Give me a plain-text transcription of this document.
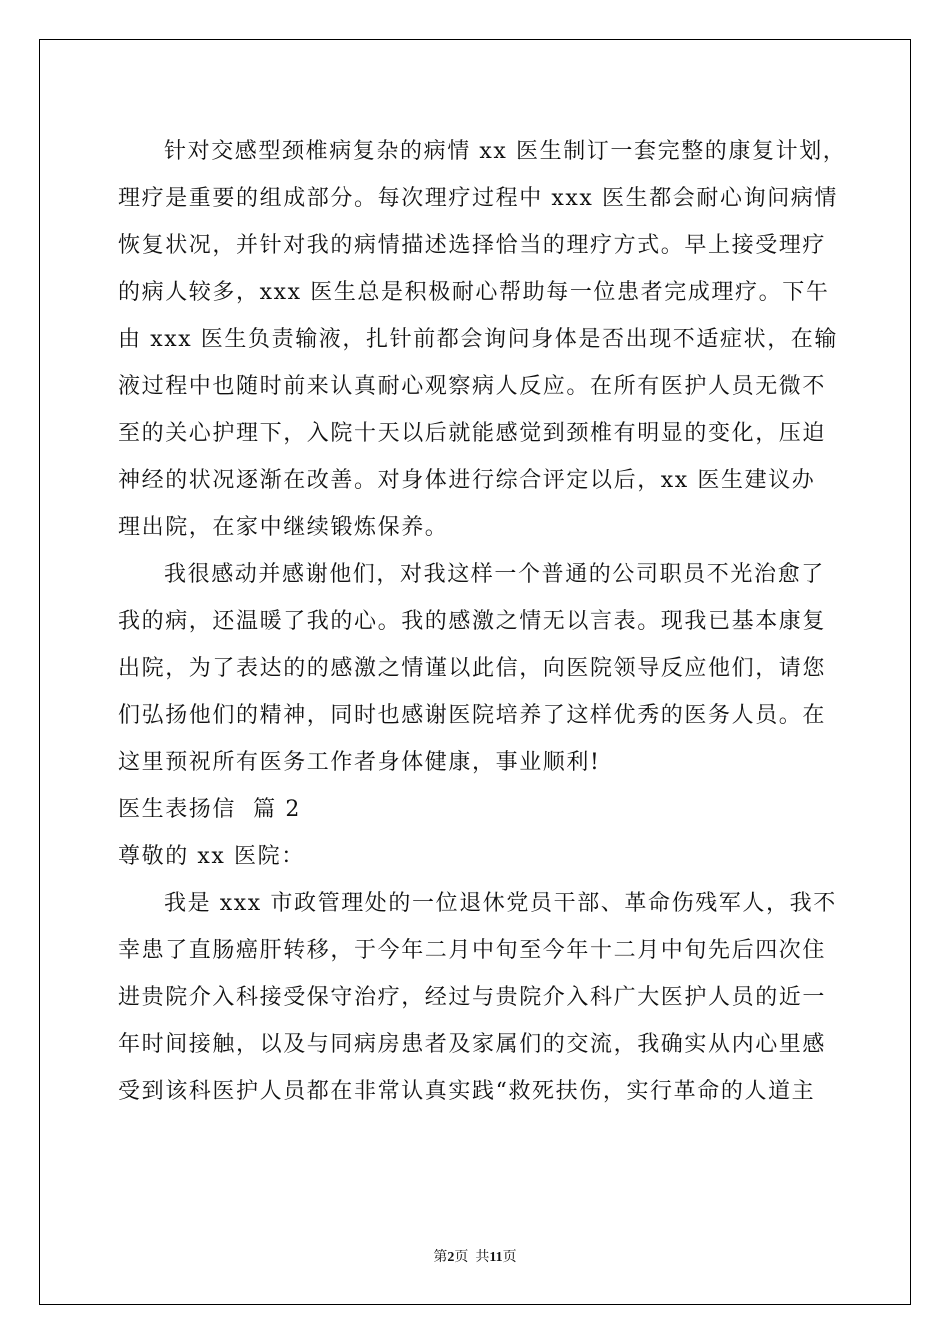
针对交感型颈椎病复杂的病情 xx 医生制订一套完整的康复计划，
理疗是重要的组成部分。每次理疗过程中 xxx 医生都会耐心询问病情
恢复状况，并针对我的病情描述选择恰当的理疗方式。早上接受理疗
的病人较多，xxx 医生总是积极耐心帮助每一位患者完成理疗。下午
由 xxx 医生负责输液，扎针前都会询问身体是否出现不适症状，在输
液过程中也随时前来认真耐心观察病人反应。在所有医护人员无微不
至的关心护理下，入院十天以后就能感觉到颈椎有明显的变化，压迫
神经的状况逐渐在改善。对身体进行综合评定以后，xx 医生建议办
理出院，在家中继续锻炼保养。
我很感动并感谢他们，对我这样一个普通的公司职员不光治愈了
我的病，还温暖了我的心。我的感激之情无以言表。现我已基本康复
出院，为了表达的的感激之情谨以此信，向医院领导反应他们，请您
们弘扬他们的精神，同时也感谢医院培养了这样优秀的医务人员。在
这里预祝所有医务工作者身体健康，事业顺利!
医生表扬信  篇 2
尊敬的 xx 医院：
我是 xxx 市政管理处的一位退休党员干部、革命伤残军人，我不
幸患了直肠癌肝转移，于今年二月中旬至今年十二月中旬先后四次住
进贵院介入科接受保守治疗，经过与贵院介入科广大医护人员的近一
年时间接触，以及与同病房患者及家属们的交流，我确实从内心里感
受到该科医护人员都在非常认真实践“救死扶伤，实行革命的人道主
第2页  共11页
